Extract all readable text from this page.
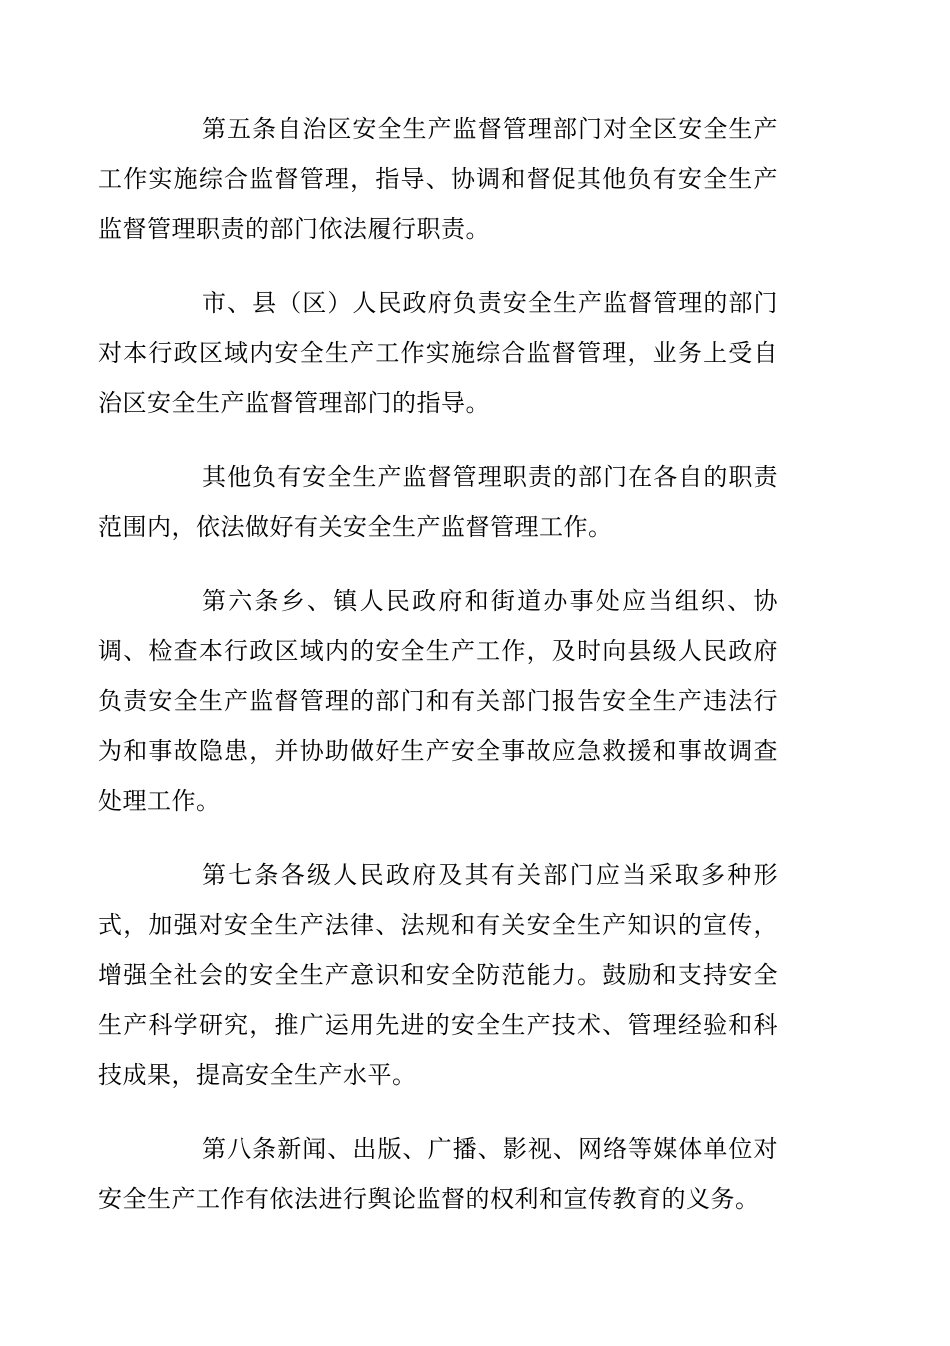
第五条自治区安全生产监督管理部门对全区安全生产工作实施综合监督管理，指导、协调和督促其他负有安全生产监督管理职责的部门依法履行职责。

市、县（区）人民政府负责安全生产监督管理的部门对本行政区域内安全生产工作实施综合监督管理，业务上受自治区安全生产监督管理部门的指导。

其他负有安全生产监督管理职责的部门在各自的职责范围内，依法做好有关安全生产监督管理工作。

第六条乡、镇人民政府和街道办事处应当组织、协调、检查本行政区域内的安全生产工作，及时向县级人民政府负责安全生产监督管理的部门和有关部门报告安全生产违法行为和事故隐患，并协助做好生产安全事故应急救援和事故调查处理工作。

第七条各级人民政府及其有关部门应当采取多种形式，加强对安全生产法律、法规和有关安全生产知识的宣传，增强全社会的安全生产意识和安全防范能力。鼓励和支持安全生产科学研究，推广运用先进的安全生产技术、管理经验和科技成果，提高安全生产水平。

第八条新闻、出版、广播、影视、网络等媒体单位对安全生产工作有依法进行舆论监督的权利和宣传教育的义务。
